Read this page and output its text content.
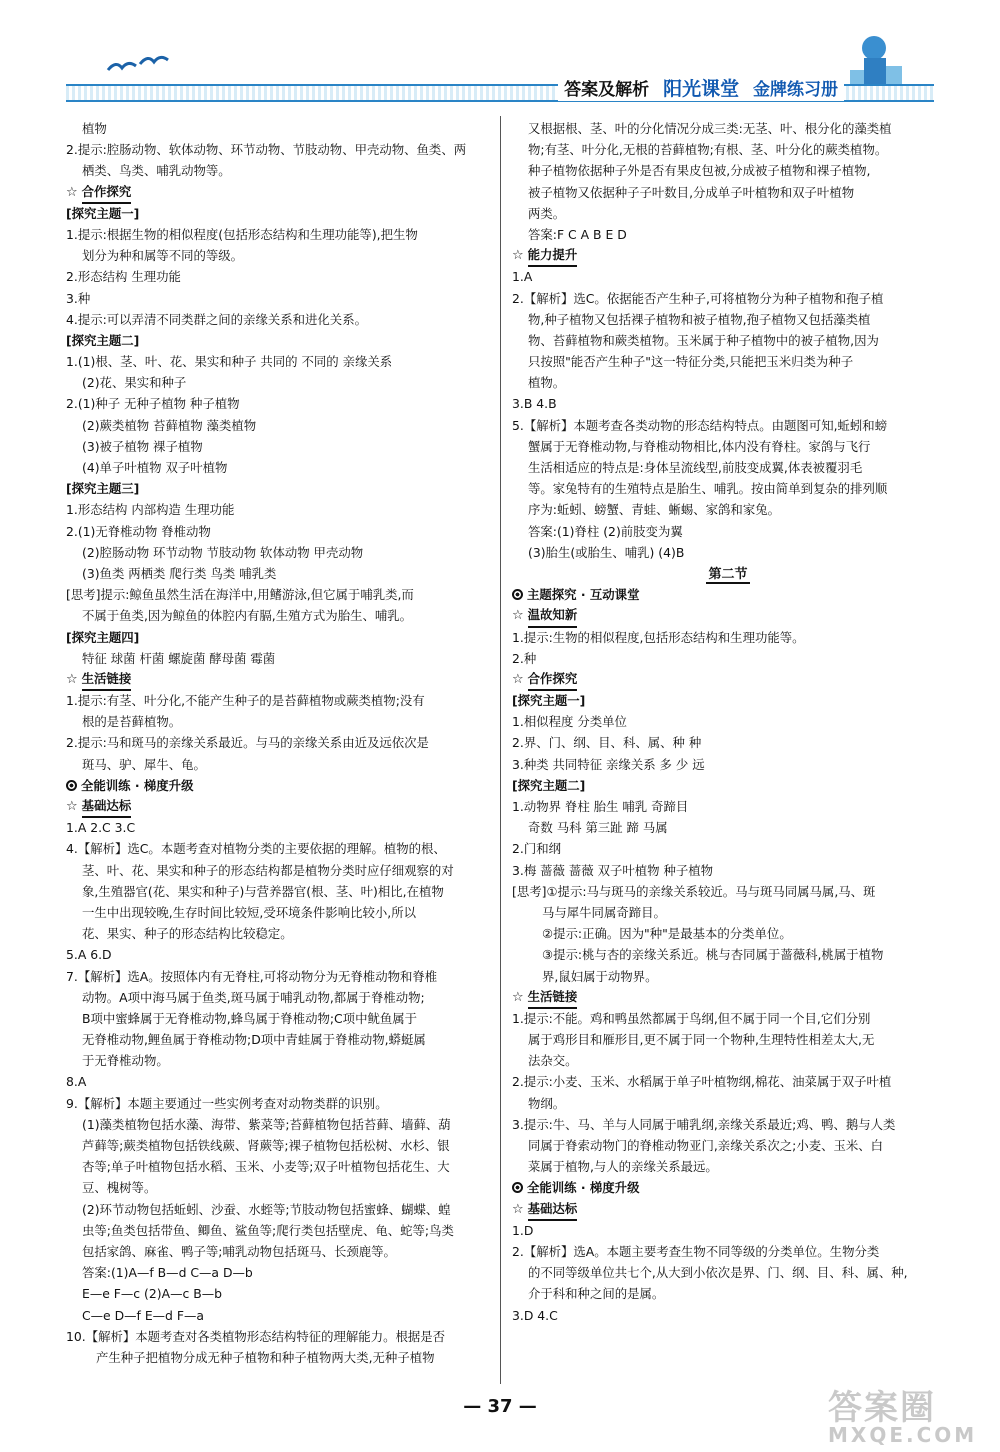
答案及解析 阳光课堂 金牌练习册
植物
2.提示:腔肠动物、软体动物、环节动物、节肢动物、甲壳动物、鱼类、两
栖类、鸟类、哺乳动物等。
☆ 合作探究
[探究主题一]
1.提示:根据生物的相似程度(包括形态结构和生理功能等),把生物
划分为种和属等不同的等级。
2.形态结构 生理功能
3.种
4.提示:可以弄清不同类群之间的亲缘关系和进化关系。
[探究主题二]
1.(1)根、茎、叶、花、果实和种子 共同的 不同的 亲缘关系
(2)花、果实和种子
2.(1)种子 无种子植物 种子植物
(2)蕨类植物 苔藓植物 藻类植物
(3)被子植物 裸子植物
(4)单子叶植物 双子叶植物
[探究主题三]
1.形态结构 内部构造 生理功能
2.(1)无脊椎动物 脊椎动物
(2)腔肠动物 环节动物 节肢动物 软体动物 甲壳动物
(3)鱼类 两栖类 爬行类 鸟类 哺乳类
[思考]提示:鲸鱼虽然生活在海洋中,用鳍游泳,但它属于哺乳类,而
不属于鱼类,因为鲸鱼的体腔内有膈,生殖方式为胎生、哺乳。
[探究主题四]
特征 球菌 杆菌 螺旋菌 酵母菌 霉菌
☆ 生活链接
1.提示:有茎、叶分化,不能产生种子的是苔藓植物或蕨类植物;没有
根的是苔藓植物。
2.提示:马和斑马的亲缘关系最近。与马的亲缘关系由近及远依次是
斑马、驴、犀牛、龟。
全能训练 · 梯度升级
☆ 基础达标
1.A 2.C 3.C
4.【解析】选C。本题考查对植物分类的主要依据的理解。植物的根、
茎、叶、花、果实和种子的形态结构都是植物分类时应仔细观察的对
象,生殖器官(花、果实和种子)与营养器官(根、茎、叶)相比,在植物
一生中出现较晚,生存时间比较短,受环境条件影响比较小,所以
花、果实、种子的形态结构比较稳定。
5.A 6.D
7.【解析】选A。按照体内有无脊柱,可将动物分为无脊椎动物和脊椎
动物。A项中海马属于鱼类,斑马属于哺乳动物,都属于脊椎动物;
B项中蜜蜂属于无脊椎动物,蜂鸟属于脊椎动物;C项中鱿鱼属于
无脊椎动物,鲤鱼属于脊椎动物;D项中青蛙属于脊椎动物,蟒蜓属
于无脊椎动物。
8.A
9.【解析】本题主要通过一些实例考查对动物类群的识别。
(1)藻类植物包括水藻、海带、紫菜等;苔藓植物包括苔藓、墙藓、葫
芦藓等;蕨类植物包括铁线蕨、肾蕨等;裸子植物包括松树、水杉、银
杏等;单子叶植物包括水稻、玉米、小麦等;双子叶植物包括花生、大
豆、槐树等。
(2)环节动物包括蚯蚓、沙蚕、水蛭等;节肢动物包括蜜蜂、蝴蝶、蝗
虫等;鱼类包括带鱼、鲫鱼、鲨鱼等;爬行类包括壁虎、龟、蛇等;鸟类
包括家鸽、麻雀、鸭子等;哺乳动物包括斑马、长颈鹿等。
答案:(1)A—f B—d C—a D—b
E—e F—c (2)A—c B—b
C—e D—f E—d F—a
10.【解析】本题考查对各类植物形态结构特征的理解能力。根据是否
产生种子把植物分成无种子植物和种子植物两大类,无种子植物
又根据根、茎、叶的分化情况分成三类:无茎、叶、根分化的藻类植
物;有茎、叶分化,无根的苔藓植物;有根、茎、叶分化的蕨类植物。
种子植物依据种子外是否有果皮包被,分成被子植物和裸子植物,
被子植物又依据种子子叶数目,分成单子叶植物和双子叶植物
两类。
答案:F C A B E D
☆ 能力提升
1.A
2.【解析】选C。依据能否产生种子,可将植物分为种子植物和孢子植
物,种子植物又包括裸子植物和被子植物,孢子植物又包括藻类植
物、苔藓植物和蕨类植物。玉米属于种子植物中的被子植物,因为
只按照"能否产生种子"这一特征分类,只能把玉米归类为种子
植物。
3.B 4.B
5.【解析】本题考查各类动物的形态结构特点。由题图可知,蚯蚓和螃
蟹属于无脊椎动物,与脊椎动物相比,体内没有脊柱。家鸽与飞行
生活相适应的特点是:身体呈流线型,前肢变成翼,体表被覆羽毛
等。家兔特有的生殖特点是胎生、哺乳。按由简单到复杂的排列顺
序为:蚯蚓、螃蟹、青蛙、蜥蜴、家鸽和家兔。
答案:(1)脊柱 (2)前肢变为翼
(3)胎生(或胎生、哺乳) (4)B
第二节
主题探究 · 互动课堂
☆ 温故知新
1.提示:生物的相似程度,包括形态结构和生理功能等。
2.种
☆ 合作探究
[探究主题一]
1.相似程度 分类单位
2.界、门、纲、目、科、属、种 种
3.种类 共同特征 亲缘关系 多 少 远
[探究主题二]
1.动物界 脊柱 胎生 哺乳 奇蹄目
奇数 马科 第三趾 蹄 马属
2.门和纲
3.梅 蔷薇 蔷薇 双子叶植物 种子植物
[思考]①提示:马与斑马的亲缘关系较近。马与斑马同属马属,马、斑
马与犀牛同属奇蹄目。
②提示:正确。因为"种"是最基本的分类单位。
③提示:桃与杏的亲缘关系近。桃与杏同属于蔷薇科,桃属于植物
界,鼠妇属于动物界。
☆ 生活链接
1.提示:不能。鸡和鸭虽然都属于鸟纲,但不属于同一个目,它们分别
属于鸡形目和雁形目,更不属于同一个物种,生理特性相差太大,无
法杂交。
2.提示:小麦、玉米、水稻属于单子叶植物纲,棉花、油菜属于双子叶植
物纲。
3.提示:牛、马、羊与人同属于哺乳纲,亲缘关系最近;鸡、鸭、鹅与人类
同属于脊索动物门的脊椎动物亚门,亲缘关系次之;小麦、玉米、白
菜属于植物,与人的亲缘关系最远。
全能训练 · 梯度升级
☆ 基础达标
1.D
2.【解析】选A。本题主要考查生物不同等级的分类单位。生物分类
的不同等级单位共七个,从大到小依次是界、门、纲、目、科、属、种,
介于科和种之间的是属。
3.D 4.C
— 37 —	答案圈
MXQE.COM
